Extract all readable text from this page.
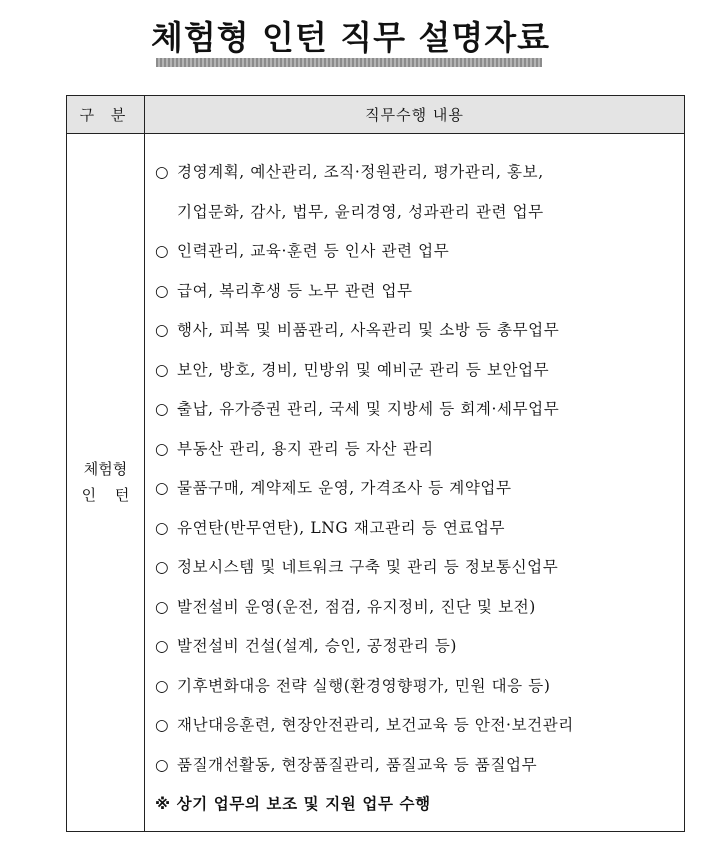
체험형 인턴 직무 설명자료
구 분	직무수행 내용
체험형
인 턴
○ 경영계획, 예산관리, 조직·정원관리, 평가관리, 홍보,
기업문화, 감사, 법무, 윤리경영, 성과관리 관련 업무
○ 인력관리, 교육·훈련 등 인사 관련 업무
○ 급여, 복리후생 등 노무 관련 업무
○ 행사, 피복 및 비품관리, 사옥관리 및 소방 등 총무업무
○ 보안, 방호, 경비, 민방위 및 예비군 관리 등 보안업무
○ 출납, 유가증권 관리, 국세 및 지방세 등 회계·세무업무
○ 부동산 관리, 용지 관리 등 자산 관리
○ 물품구매, 계약제도 운영, 가격조사 등 계약업무
○ 유연탄(반무연탄), LNG 재고관리 등 연료업무
○ 정보시스템 및 네트워크 구축 및 관리 등 정보통신업무
○ 발전설비 운영(운전, 점검, 유지정비, 진단 및 보전)
○ 발전설비 건설(설계, 승인, 공정관리 등)
○ 기후변화대응 전략 실행(환경영향평가, 민원 대응 등)
○ 재난대응훈련, 현장안전관리, 보건교육 등 안전·보건관리
○ 품질개선활동, 현장품질관리, 품질교육 등 품질업무
※ 상기 업무의 보조 및 지원 업무 수행
